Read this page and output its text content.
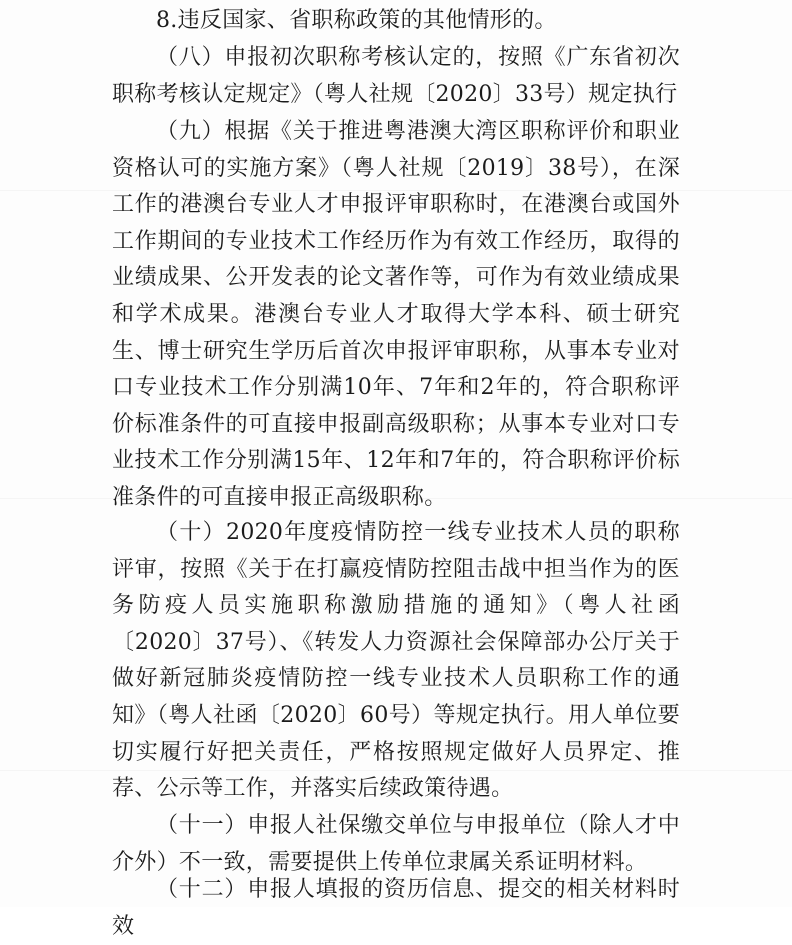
8.违反国家、省职称政策的其他情形的。

（八）申报初次职称考核认定的，按照《广东省初次职称考核认定规定》（粤人社规〔2020〕33号）规定执行

（九）根据《关于推进粤港澳大湾区职称评价和职业资格认可的实施方案》（粤人社规〔2019〕38号），在深工作的港澳台专业人才申报评审职称时，在港澳台或国外工作期间的专业技术工作经历作为有效工作经历，取得的业绩成果、公开发表的论文著作等，可作为有效业绩成果和学术成果。港澳台专业人才取得大学本科、硕士研究生、博士研究生学历后首次申报评审职称，从事本专业对口专业技术工作分别满10年、7年和2年的，符合职称评价标准条件的可直接申报副高级职称；从事本专业对口专业技术工作分别满15年、12年和7年的，符合职称评价标准条件的可直接申报正高级职称。

（十）2020年度疫情防控一线专业技术人员的职称评审，按照《关于在打赢疫情防控阻击战中担当作为的医务防疫人员实施职称激励措施的通知》（粤人社函〔2020〕37号）、《转发人力资源社会保障部办公厅关于做好新冠肺炎疫情防控一线专业技术人员职称工作的通知》（粤人社函〔2020〕60号）等规定执行。用人单位要切实履行好把关责任，严格按照规定做好人员界定、推荐、公示等工作，并落实后续政策待遇。

（十一）申报人社保缴交单位与申报单位（除人才中介外）不一致，需要提供上传单位隶属关系证明材料。

（十二）申报人填报的资历信息、提交的相关材料时效
